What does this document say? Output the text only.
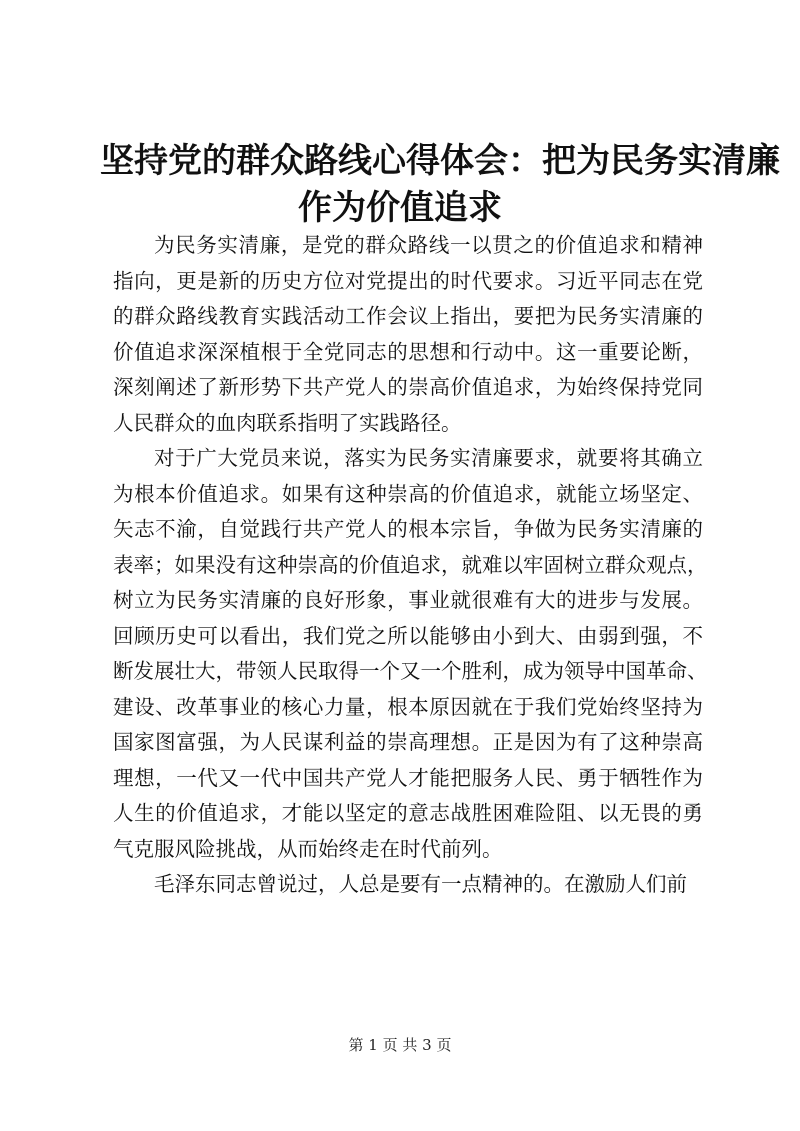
坚持党的群众路线心得体会：把为民务实清廉
作为价值追求
为民务实清廉，是党的群众路线一以贯之的价值追求和精神
指向，更是新的历史方位对党提出的时代要求。习近平同志在党
的群众路线教育实践活动工作会议上指出，要把为民务实清廉的
价值追求深深植根于全党同志的思想和行动中。这一重要论断，
深刻阐述了新形势下共产党人的崇高价值追求，为始终保持党同
人民群众的血肉联系指明了实践路径。
对于广大党员来说，落实为民务实清廉要求，就要将其确立
为根本价值追求。如果有这种崇高的价值追求，就能立场坚定、
矢志不渝，自觉践行共产党人的根本宗旨，争做为民务实清廉的
表率；如果没有这种崇高的价值追求，就难以牢固树立群众观点，
树立为民务实清廉的良好形象，事业就很难有大的进步与发展。
回顾历史可以看出，我们党之所以能够由小到大、由弱到强，不
断发展壮大，带领人民取得一个又一个胜利，成为领导中国革命、
建设、改革事业的核心力量，根本原因就在于我们党始终坚持为
国家图富强，为人民谋利益的崇高理想。正是因为有了这种崇高
理想，一代又一代中国共产党人才能把服务人民、勇于牺牲作为
人生的价值追求，才能以坚定的意志战胜困难险阻、以无畏的勇
气克服风险挑战，从而始终走在时代前列。
毛泽东同志曾说过，人总是要有一点精神的。在激励人们前
第 1 页 共 3 页
